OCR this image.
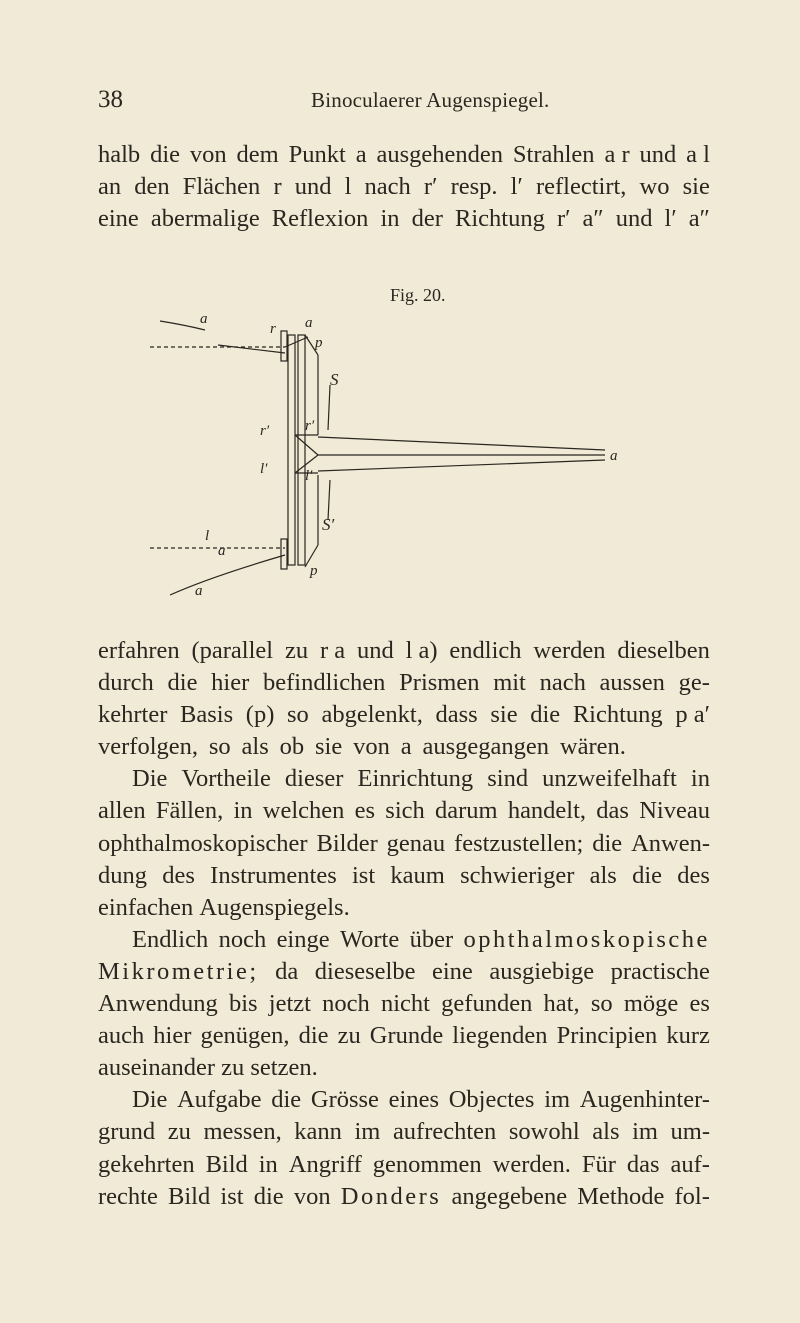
38	Binoculaerer Augenspiegel.
halb die von dem Punkt a ausgehenden Strahlen a r und a l
an den Flächen r und l nach r′ resp. l′ reflectirt, wo sie
eine abermalige Reflexion in der Richtung r′ a″ und l′ a″
Fig. 20.
a
r a
p
S
r′ r′
l′	l′
a
S′
l
a
p
a
erfahren (parallel zu r a und l a) endlich werden dieselben
durch die hier befindlichen Prismen mit nach aussen ge-
kehrter Basis (p) so abgelenkt, dass sie die Richtung p a′
verfolgen, so als ob sie von a ausgegangen wären.
Die Vortheile dieser Einrichtung sind unzweifelhaft in
allen Fällen, in welchen es sich darum handelt, das Niveau
ophthalmoskopischer Bilder genau festzustellen; die Anwen-
dung des Instrumentes ist kaum schwieriger als die des
einfachen
Augenspiegels.
Endlich noch einge Worte über ophthalmoskopische
Mikrometrie; da dieseselbe eine ausgiebige practische
Anwendung bis jetzt noch nicht gefunden hat, so möge es
auch hier genügen, die zu Grunde liegenden Principien kurz
auseinander
zu
setzen.
Die Aufgabe die Grösse eines Objectes im Augenhinter-
grund zu messen, kann im aufrechten sowohl als im um-
gekehrten Bild in Angriff genommen werden. Für das auf-
rechte Bild ist die von Donders angegebene Methode fol-
